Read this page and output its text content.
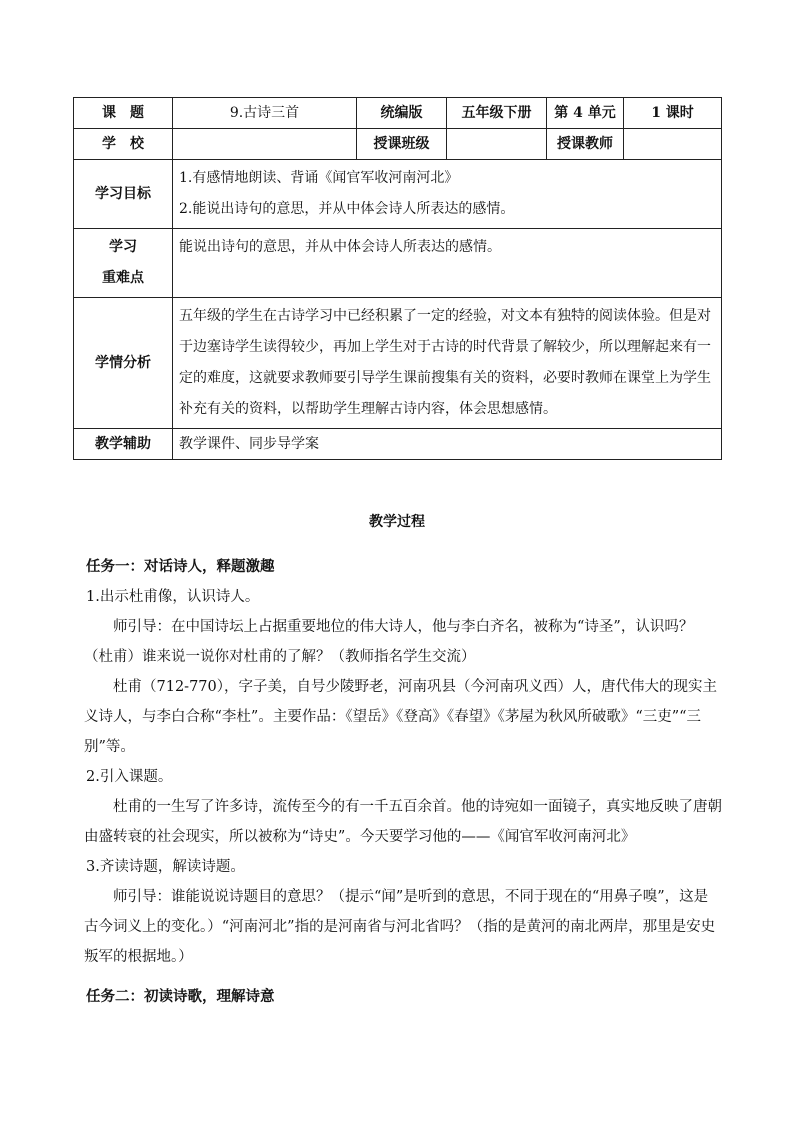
课　题	9.古诗三首	统编版	五年级下册	第 4 单元	1 课时
学　校		授课班级		授课教师	
学习目标	1.有感情地朗读、背诵《闻官军收河南河北》
2.能说出诗句的意思，并从中体会诗人所表达的感情。				

学习
重难点	能说出诗句的意思，并从中体会诗人所表达的感情。				
学情分析	五年级的学生在古诗学习中已经积累了一定的经验，对文本有独特的阅读体验。但是对于边塞诗学生读得较少，再加上学生对于古诗的时代背景了解较少，所以理解起来有一定的难度，这就要求教师要引导学生课前搜集有关的资料，必要时教师在课堂上为学生补充有关的资料，以帮助学生理解古诗内容，体会思想感情。				
教学辅助	教学课件、同步导学案				
教学过程

任务一：对话诗人，释题激趣

1.出示杜甫像，认识诗人。

师引导：在中国诗坛上占据重要地位的伟大诗人，他与李白齐名，被称为“诗圣”，认识吗？（杜甫）谁来说一说你对杜甫的了解？（教师指名学生交流）

杜甫（712-770），字子美，自号少陵野老，河南巩县（今河南巩义西）人，唐代伟大的现实主义诗人，与李白合称“李杜”。主要作品：《望岳》《登高》《春望》《茅屋为秋风所破歌》“三吏”“三别”等。

2.引入课题。

杜甫的一生写了许多诗，流传至今的有一千五百余首。他的诗宛如一面镜子，真实地反映了唐朝由盛转衰的社会现实，所以被称为“诗史”。今天要学习他的——《闻官军收河南河北》

3.齐读诗题，解读诗题。

师引导：谁能说说诗题目的意思？（提示“闻”是听到的意思，不同于现在的“用鼻子嗅”，这是古今词义上的变化。）“河南河北”指的是河南省与河北省吗？（指的是黄河的南北两岸，那里是安史叛军的根据地。）

任务二：初读诗歌，理解诗意
